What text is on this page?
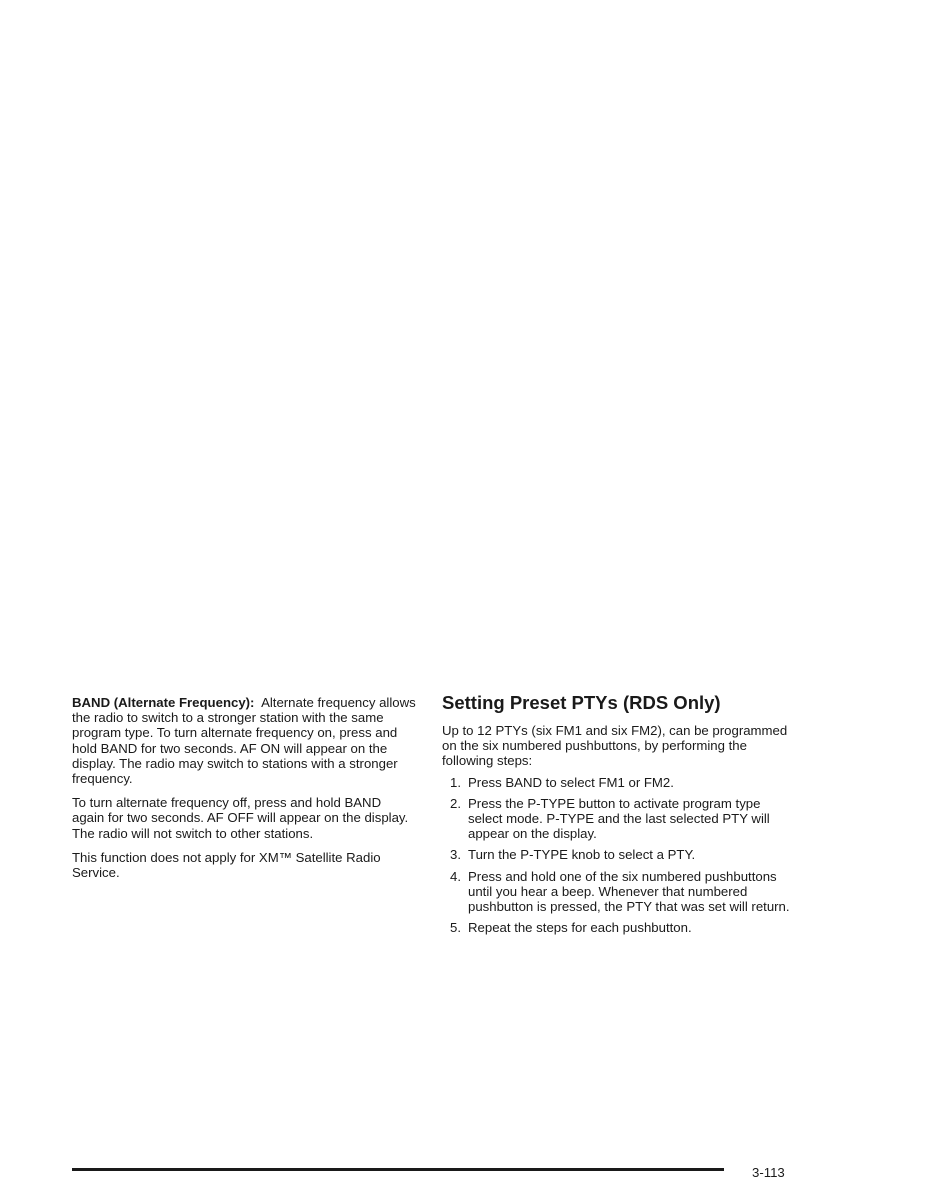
BAND (Alternate Frequency): Alternate frequency allows the radio to switch to a stronger station with the same program type. To turn alternate frequency on, press and hold BAND for two seconds. AF ON will appear on the display. The radio may switch to stations with a stronger frequency.

To turn alternate frequency off, press and hold BAND again for two seconds. AF OFF will appear on the display. The radio will not switch to other stations.

This function does not apply for XM™ Satellite Radio Service.

Setting Preset PTYs (RDS Only)

Up to 12 PTYs (six FM1 and six FM2), can be programmed on the six numbered pushbuttons, by performing the following steps:

1. Press BAND to select FM1 or FM2.
2. Press the P-TYPE button to activate program type select mode. P-TYPE and the last selected PTY will appear on the display.
3. Turn the P-TYPE knob to select a PTY.
4. Press and hold one of the six numbered pushbuttons until you hear a beep. Whenever that numbered pushbutton is pressed, the PTY that was set will return.
5. Repeat the steps for each pushbutton.
3-113
